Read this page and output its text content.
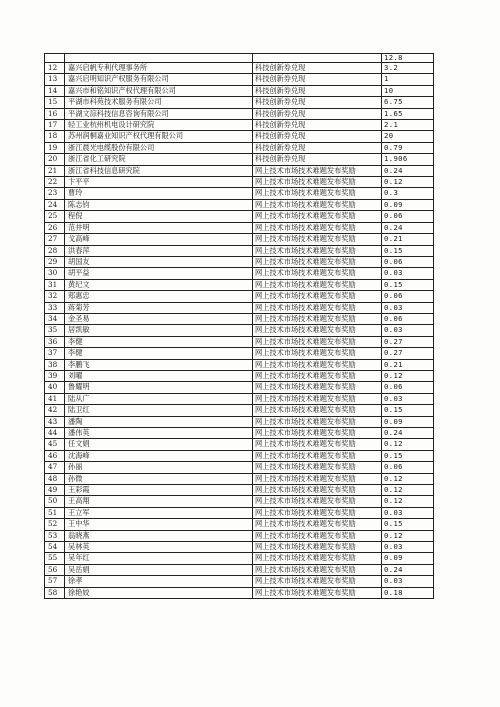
			12.8
12	嘉兴启帆专利代理事务所	科技创新券兑现	3.2
13	嘉兴启明知识产权服务有限公司	科技创新券兑现	1
14	嘉兴市和铭知识产权代理有限公司	科技创新券兑现	10
15	平湖市科苑技术服务有限公司	科技创新券兑现	6.75
16	平湖文淙科技信息咨询有限公司	科技创新券兑现	1.65
17	轻工业杭州机电设计研究院	科技创新券兑现	2.1
18	苏州润桐嘉业知识产权代理有限公司	科技创新券兑现	20
19	浙江晨光电缆股份有限公司	科技创新券兑现	0.79
20	浙江省化工研究院	科技创新券兑现	1.906
21	浙江省科技信息研究院	网上技术市场技术难题发布奖励	0.24
22	卞平平	网上技术市场技术难题发布奖励	0.12
23	曹玲	网上技术市场技术难题发布奖励	0.3
24	陈志钧	网上技术市场技术难题发布奖励	0.09
25	程倪	网上技术市场技术难题发布奖励	0.06
26	范井明	网上技术市场技术难题发布奖励	0.24
27	戈高峰	网上技术市场技术难题发布奖励	0.21
28	洪春萍	网上技术市场技术难题发布奖励	0.15
29	胡国友	网上技术市场技术难题发布奖励	0.06
30	胡平益	网上技术市场技术难题发布奖励	0.03
31	黄纪文	网上技术市场技术难题发布奖励	0.15
32	郏惠忠	网上技术市场技术难题发布奖励	0.06
33	蒋菊芳	网上技术市场技术难题发布奖励	0.03
34	金圣易	网上技术市场技术难题发布奖励	0.06
35	居凯敏	网上技术市场技术难题发布奖励	0.03
36	李健	网上技术市场技术难题发布奖励	0.27
37	李健	网上技术市场技术难题发布奖励	0.27
38	李鹏飞	网上技术市场技术难题发布奖励	0.21
39	刘曜	网上技术市场技术难题发布奖励	0.12
40	鲁耀明	网上技术市场技术难题发布奖励	0.06
41	陆从广	网上技术市场技术难题发布奖励	0.03
42	陆卫红	网上技术市场技术难题发布奖励	0.15
43	潘陶	网上技术市场技术难题发布奖励	0.09
44	潘伟英	网上技术市场技术难题发布奖励	0.24
45	任文娟	网上技术市场技术难题发布奖励	0.12
46	沈海峰	网上技术市场技术难题发布奖励	0.15
47	孙丽	网上技术市场技术难题发布奖励	0.06
48	孙微	网上技术市场技术难题发布奖励	0.12
49	王彩霞	网上技术市场技术难题发布奖励	0.12
50	王高翔	网上技术市场技术难题发布奖励	0.12
51	王立军	网上技术市场技术难题发布奖励	0.03
52	王中华	网上技术市场技术难题发布奖励	0.15
53	翁晓燕	网上技术市场技术难题发布奖励	0.12
54	吴林英	网上技术市场技术难题发布奖励	0.03
55	吴年红	网上技术市场技术难题发布奖励	0.09
56	吴岳娟	网上技术市场技术难题发布奖励	0.24
57	徐孝	网上技术市场技术难题发布奖励	0.03
58	徐艳姣	网上技术市场技术难题发布奖励	0.18
